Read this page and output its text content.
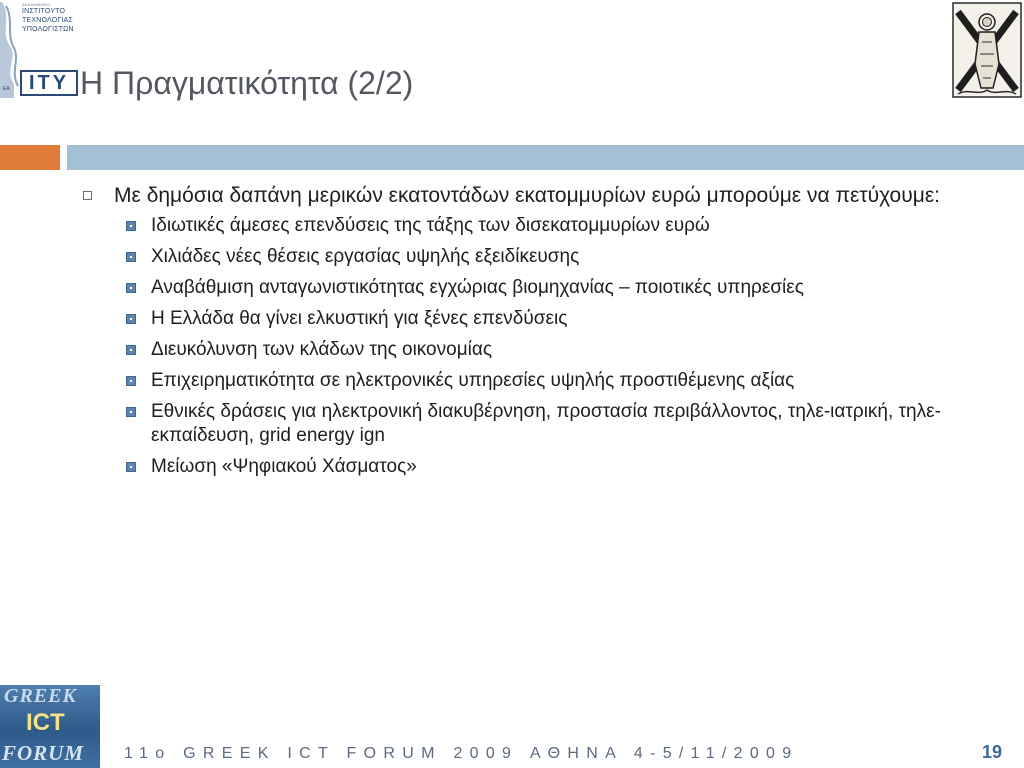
ΑΚΑΔΗΜΑΪΚΟ
ΙΝΣΤΙΤΟΥΤΟ
ΤΕΧΝΟΛΟΓΙΑΣ
ΥΠΟΛΟΓΙΣΤΩΝ
ΕΑ ITY Η Πραγματικότητα (2/2)
Με δημόσια δαπάνη μερικών εκατοντάδων εκατομμυρίων ευρώ μπορούμε να πετύχουμε:
Ιδιωτικές άμεσες επενδύσεις της τάξης των δισεκατομμυρίων ευρώ
Χιλιάδες νέες θέσεις εργασίας υψηλής εξειδίκευσης
Αναβάθμιση ανταγωνιστικότητας εγχώριας βιομηχανίας – ποιοτικές υπηρεσίες
Η Ελλάδα θα γίνει ελκυστική για ξένες επενδύσεις
Διευκόλυνση των κλάδων της οικονομίας
Επιχειρηματικότητα σε ηλεκτρονικές υπηρεσίες υψηλής προστιθέμενης αξίας
Εθνικές δράσεις για ηλεκτρονική διακυβέρνηση, προστασία περιβάλλοντος, τηλε-ιατρική, τηλε-εκπαίδευση, grid energy ign
Μείωση «Ψηφιακού Χάσματος»
GREEK
ICT
FORUM 11ο GREEK ICT FORUM 2009 ΑΘΗΝΑ 4-5/11/2009	19
